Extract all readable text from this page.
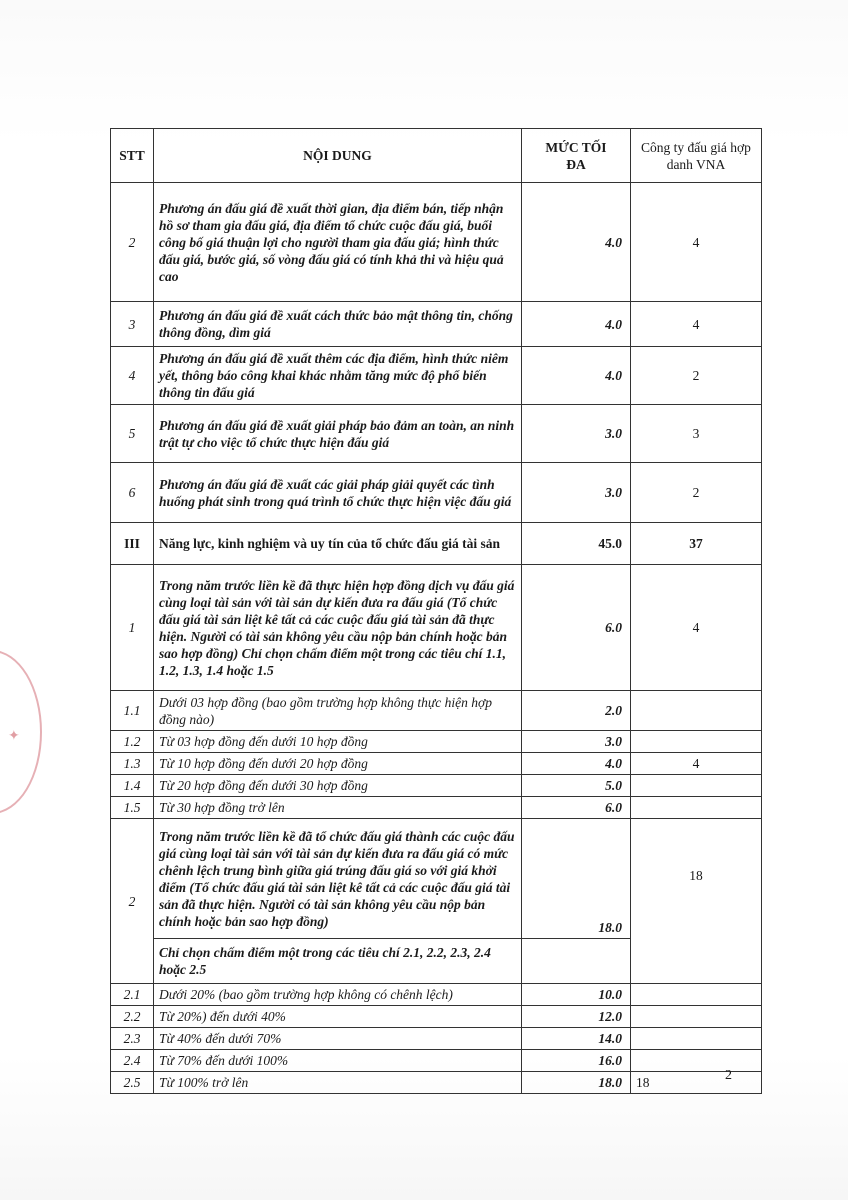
✦
STT	NỘI DUNG	MỨC TỐI ĐA	Công ty đấu giá hợp danh VNA
2	Phương án đấu giá đề xuất thời gian, địa điểm bán, tiếp nhận hồ sơ tham gia đấu giá, địa điểm tổ chức cuộc đấu giá, buổi công bố giá thuận lợi cho người tham gia đấu giá; hình thức đấu giá, bước giá, số vòng đấu giá có tính khả thi và hiệu quả cao	4.0	4
3	Phương án đấu giá đề xuất cách thức bảo mật thông tin, chống thông đồng, dìm giá	4.0	4
4	Phương án đấu giá đề xuất thêm các địa điểm, hình thức niêm yết, thông báo công khai khác nhằm tăng mức độ phổ biến thông tin đấu giá	4.0	2
5	Phương án đấu giá đề xuất giải pháp bảo đảm an toàn, an ninh trật tự cho việc tổ chức thực hiện đấu giá	3.0	3
6	Phương án đấu giá đề xuất các giải pháp giải quyết các tình huống phát sinh trong quá trình tổ chức thực hiện việc đấu giá	3.0	2
III	Năng lực, kinh nghiệm và uy tín của tổ chức đấu giá tài sản	45.0	37
1	Trong năm trước liền kề đã thực hiện hợp đồng dịch vụ đấu giá cùng loại tài sản với tài sản dự kiến đưa ra đấu giá (Tổ chức đấu giá tài sản liệt kê tất cả các cuộc đấu giá tài sản đã thực hiện. Người có tài sản không yêu cầu nộp bản chính hoặc bản sao hợp đồng) Chỉ chọn chấm điểm một trong các tiêu chí 1.1, 1.2, 1.3, 1.4 hoặc 1.5	6.0	4
1.1	Dưới 03 hợp đồng (bao gồm trường hợp không thực hiện hợp đồng nào)	2.0	
1.2	Từ 03 hợp đồng đến dưới 10 hợp đồng	3.0	
1.3	Từ 10 hợp đồng đến dưới 20 hợp đồng	4.0	4
1.4	Từ 20 hợp đồng đến dưới 30 hợp đồng	5.0	
1.5	Từ 30 hợp đồng trở lên	6.0	
2	Trong năm trước liền kề đã tổ chức đấu giá thành các cuộc đấu giá cùng loại tài sản với tài sản dự kiến đưa ra đấu giá có mức chênh lệch trung bình giữa giá trúng đấu giá so với giá khởi điểm (Tổ chức đấu giá tài sản liệt kê tất cả các cuộc đấu giá tài sản đã thực hiện. Người có tài sản không yêu cầu nộp bản chính hoặc bản sao hợp đồng)	18.0	18
	Chỉ chọn chấm điểm một trong các tiêu chí 2.1, 2.2, 2.3, 2.4 hoặc 2.5		
2.1	Dưới 20% (bao gồm trường hợp không có chênh lệch)	10.0	
2.2	Từ 20%) đến dưới 40%	12.0	
2.3	Từ 40% đến dưới 70%	14.0	
2.4	Từ 70% đến dưới 100%	16.0	
2.5	Từ 100% trở lên	18.0	18	2
